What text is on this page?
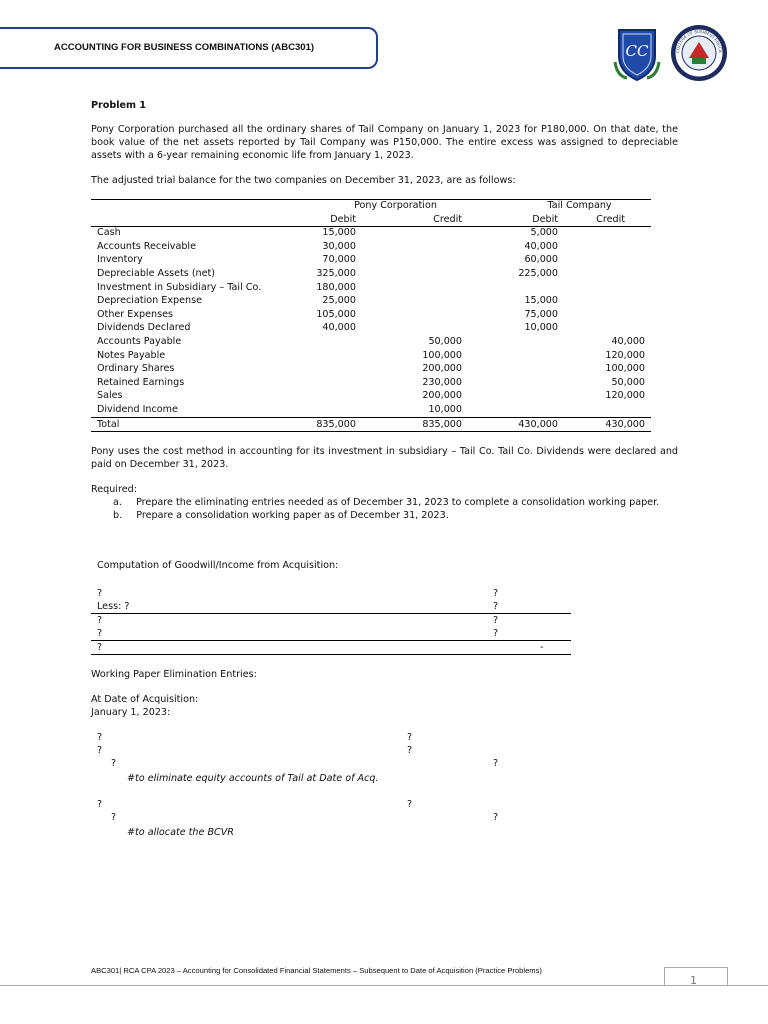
ACCOUNTING FOR BUSINESS COMBINATIONS (ABC301)	CC	COLLEGE OF BUSINESS EDUCA
Problem 1
Pony Corporation purchased all the ordinary shares of Tail Company on January 1, 2023 for P180,000. On that date, the book value of the net assets reported by Tail Company was P150,000. The entire excess was assigned to depreciable assets with a 6-year remaining economic life from January 1, 2023.
The adjusted trial balance for the two companies on December 31, 2023, are as follows:
	Pony Corporation		Tail Company	
	Debit	Credit	Debit	Credit
Cash	15,000		5,000	
Accounts Receivable	30,000		40,000	
Inventory	70,000		60,000	
Depreciable Assets (net)	325,000		225,000	
Investment in Subsidiary – Tail Co.	180,000			
Depreciation Expense	25,000		15,000	
Other Expenses	105,000		75,000	
Dividends Declared	40,000		10,000	
Accounts Payable		50,000		40,000
Notes Payable		100,000		120,000
Ordinary Shares		200,000		100,000
Retained Earnings		230,000		50,000
Sales		200,000		120,000
Dividend Income		10,000		
Total	835,000	835,000	430,000	430,000
Pony uses the cost method in accounting for its investment in subsidiary – Tail Co. Tail Co. Dividends were declared and paid on December 31, 2023.
Required:
a. Prepare the eliminating entries needed as of December 31, 2023 to complete a consolidation working paper.
b. Prepare a consolidation working paper as of December 31, 2023.
Computation of Goodwill/Income from Acquisition:
?	?
Less: ?	?
?	?
?	?
?	-
Working Paper Elimination Entries:
At Date of Acquisition:
January 1, 2023:
?	?
?	?
?	?
#to eliminate equity accounts of Tail at Date of Acq.
?	?
?	?
#to allocate the BCVR
ABC301| RCA CPA 2023 – Accounting for Consolidated Financial Statements – Subsequent to Date of Acquisition (Practice Problems)
1
